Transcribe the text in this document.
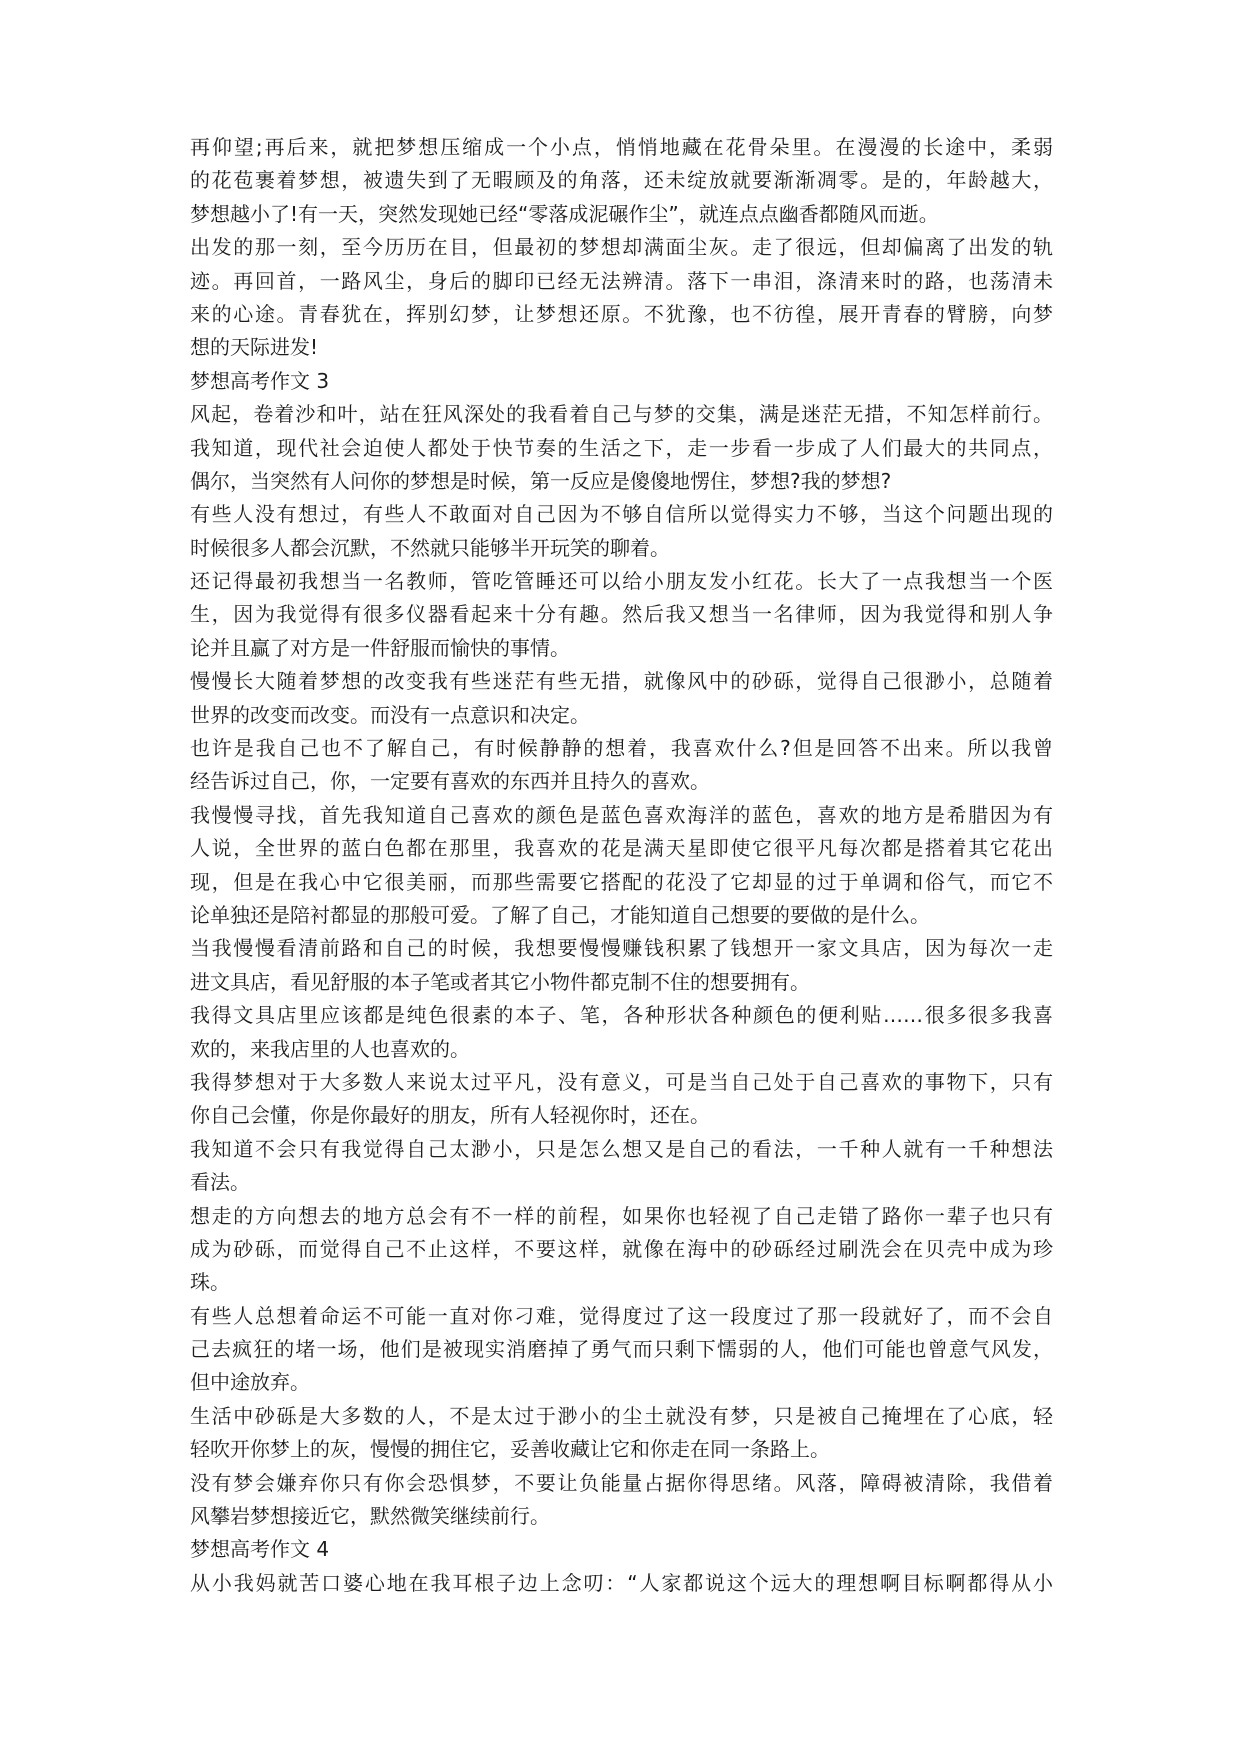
再仰望;再后来，就把梦想压缩成一个小点，悄悄地藏在花骨朵里。在漫漫的长途中，柔弱
的花苞裹着梦想，被遗失到了无暇顾及的角落，还未绽放就要渐渐凋零。是的，年龄越大，
梦想越小了!有一天，突然发现她已经“零落成泥碾作尘”，就连点点幽香都随风而逝。
出发的那一刻，至今历历在目，但最初的梦想却满面尘灰。走了很远，但却偏离了出发的轨
迹。再回首，一路风尘，身后的脚印已经无法辨清。落下一串泪，涤清来时的路，也荡清未
来的心途。青春犹在，挥别幻梦，让梦想还原。不犹豫，也不彷徨，展开青春的臂膀，向梦
想的天际进发!
梦想高考作文 3
风起，卷着沙和叶，站在狂风深处的我看着自己与梦的交集，满是迷茫无措，不知怎样前行。
我知道，现代社会迫使人都处于快节奏的生活之下，走一步看一步成了人们最大的共同点，
偶尔，当突然有人问你的梦想是时候，第一反应是傻傻地愣住，梦想?我的梦想?
有些人没有想过，有些人不敢面对自己因为不够自信所以觉得实力不够，当这个问题出现的
时候很多人都会沉默，不然就只能够半开玩笑的聊着。
还记得最初我想当一名教师，管吃管睡还可以给小朋友发小红花。长大了一点我想当一个医
生，因为我觉得有很多仪器看起来十分有趣。然后我又想当一名律师，因为我觉得和别人争
论并且赢了对方是一件舒服而愉快的事情。
慢慢长大随着梦想的改变我有些迷茫有些无措，就像风中的砂砾，觉得自己很渺小，总随着
世界的改变而改变。而没有一点意识和决定。
也许是我自己也不了解自己，有时候静静的想着，我喜欢什么?但是回答不出来。所以我曾
经告诉过自己，你，一定要有喜欢的东西并且持久的喜欢。
我慢慢寻找，首先我知道自己喜欢的颜色是蓝色喜欢海洋的蓝色，喜欢的地方是希腊因为有
人说，全世界的蓝白色都在那里，我喜欢的花是满天星即使它很平凡每次都是搭着其它花出
现，但是在我心中它很美丽，而那些需要它搭配的花没了它却显的过于单调和俗气，而它不
论单独还是陪衬都显的那般可爱。了解了自己，才能知道自己想要的要做的是什么。
当我慢慢看清前路和自己的时候，我想要慢慢赚钱积累了钱想开一家文具店，因为每次一走
进文具店，看见舒服的本子笔或者其它小物件都克制不住的想要拥有。
我得文具店里应该都是纯色很素的本子、笔，各种形状各种颜色的便利贴……很多很多我喜
欢的，来我店里的人也喜欢的。
我得梦想对于大多数人来说太过平凡，没有意义，可是当自己处于自己喜欢的事物下，只有
你自己会懂，你是你最好的朋友，所有人轻视你时，还在。
我知道不会只有我觉得自己太渺小，只是怎么想又是自己的看法，一千种人就有一千种想法
看法。
想走的方向想去的地方总会有不一样的前程，如果你也轻视了自己走错了路你一辈子也只有
成为砂砾，而觉得自己不止这样，不要这样，就像在海中的砂砾经过刷洗会在贝壳中成为珍
珠。
有些人总想着命运不可能一直对你刁难，觉得度过了这一段度过了那一段就好了，而不会自
己去疯狂的堵一场，他们是被现实消磨掉了勇气而只剩下懦弱的人，他们可能也曾意气风发，
但中途放弃。
生活中砂砾是大多数的人，不是太过于渺小的尘土就没有梦，只是被自己掩埋在了心底，轻
轻吹开你梦上的灰，慢慢的拥住它，妥善收藏让它和你走在同一条路上。
没有梦会嫌弃你只有你会恐惧梦，不要让负能量占据你得思绪。风落，障碍被清除，我借着
风攀岩梦想接近它，默然微笑继续前行。
梦想高考作文 4
从小我妈就苦口婆心地在我耳根子边上念叨：“人家都说这个远大的理想啊目标啊都得从小
